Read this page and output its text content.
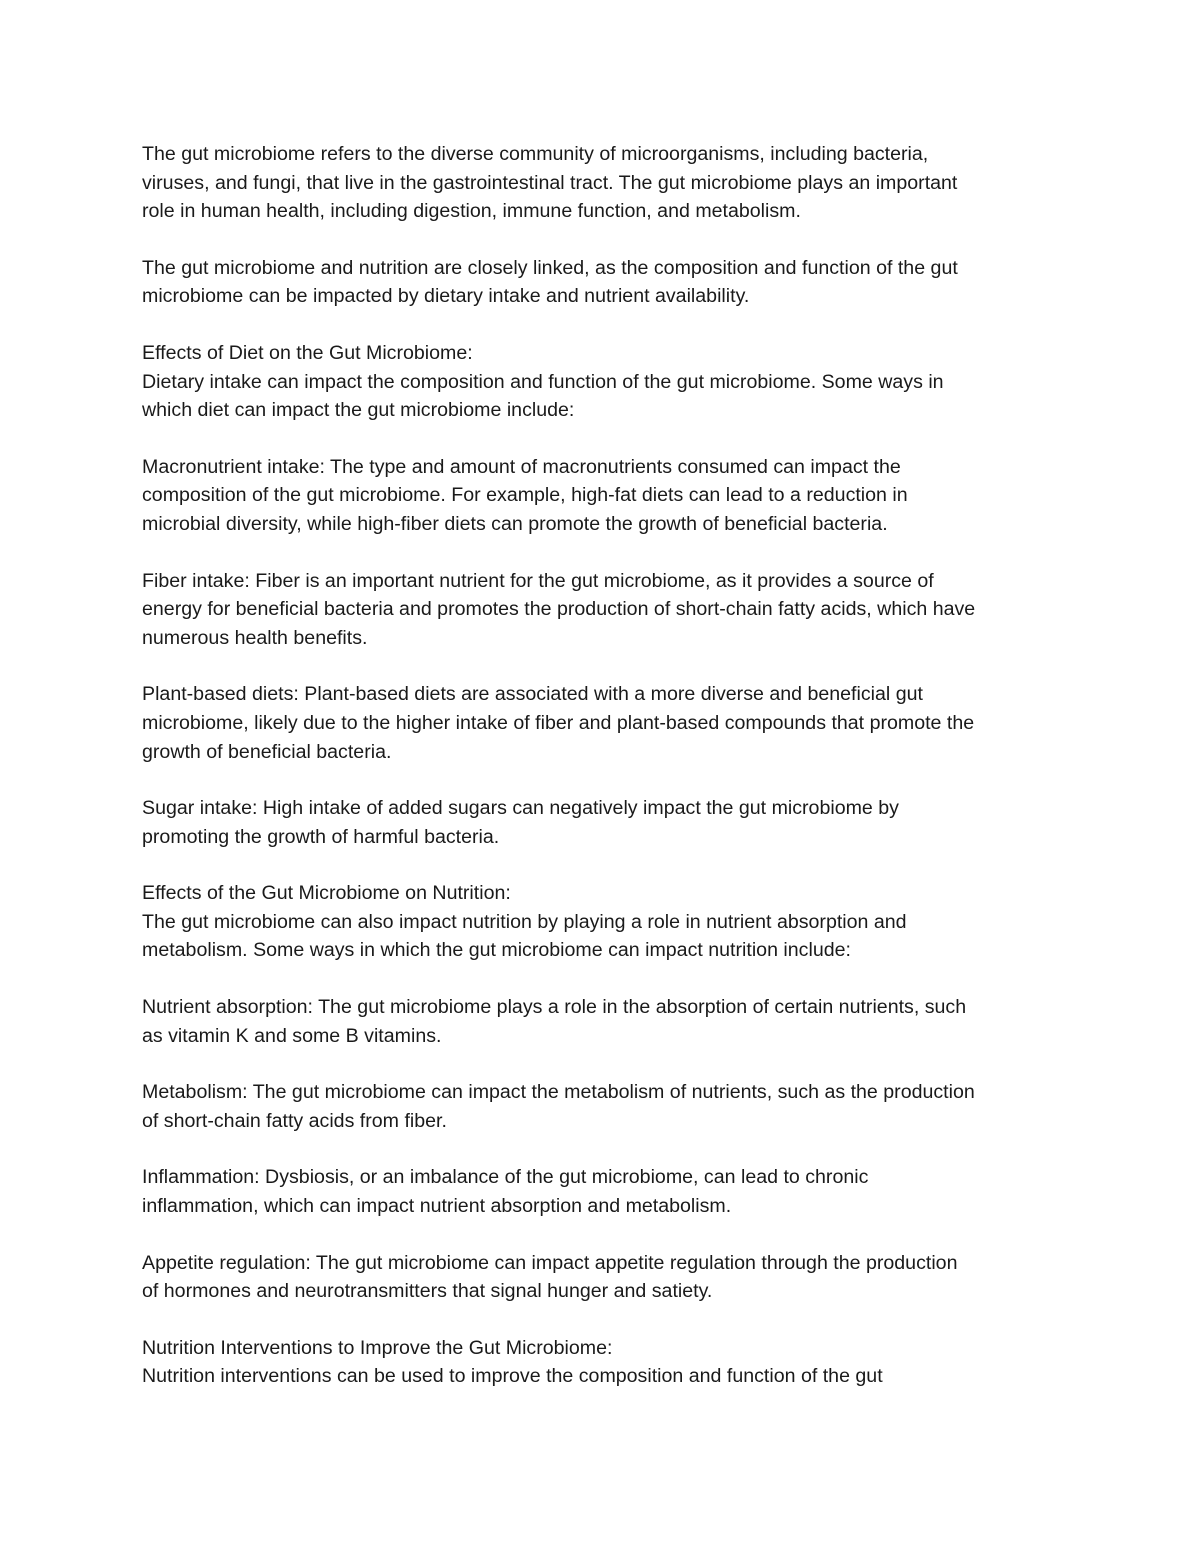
The gut microbiome refers to the diverse community of microorganisms, including bacteria,
viruses, and fungi, that live in the gastrointestinal tract. The gut microbiome plays an important
role in human health, including digestion, immune function, and metabolism.

The gut microbiome and nutrition are closely linked, as the composition and function of the gut
microbiome can be impacted by dietary intake and nutrient availability.

Effects of Diet on the Gut Microbiome:
Dietary intake can impact the composition and function of the gut microbiome. Some ways in
which diet can impact the gut microbiome include:

Macronutrient intake: The type and amount of macronutrients consumed can impact the
composition of the gut microbiome. For example, high-fat diets can lead to a reduction in
microbial diversity, while high-fiber diets can promote the growth of beneficial bacteria.

Fiber intake: Fiber is an important nutrient for the gut microbiome, as it provides a source of
energy for beneficial bacteria and promotes the production of short-chain fatty acids, which have
numerous health benefits.

Plant-based diets: Plant-based diets are associated with a more diverse and beneficial gut
microbiome, likely due to the higher intake of fiber and plant-based compounds that promote the
growth of beneficial bacteria.

Sugar intake: High intake of added sugars can negatively impact the gut microbiome by
promoting the growth of harmful bacteria.

Effects of the Gut Microbiome on Nutrition:
The gut microbiome can also impact nutrition by playing a role in nutrient absorption and
metabolism. Some ways in which the gut microbiome can impact nutrition include:

Nutrient absorption: The gut microbiome plays a role in the absorption of certain nutrients, such
as vitamin K and some B vitamins.

Metabolism: The gut microbiome can impact the metabolism of nutrients, such as the production
of short-chain fatty acids from fiber.

Inflammation: Dysbiosis, or an imbalance of the gut microbiome, can lead to chronic
inflammation, which can impact nutrient absorption and metabolism.

Appetite regulation: The gut microbiome can impact appetite regulation through the production
of hormones and neurotransmitters that signal hunger and satiety.

Nutrition Interventions to Improve the Gut Microbiome:
Nutrition interventions can be used to improve the composition and function of the gut
